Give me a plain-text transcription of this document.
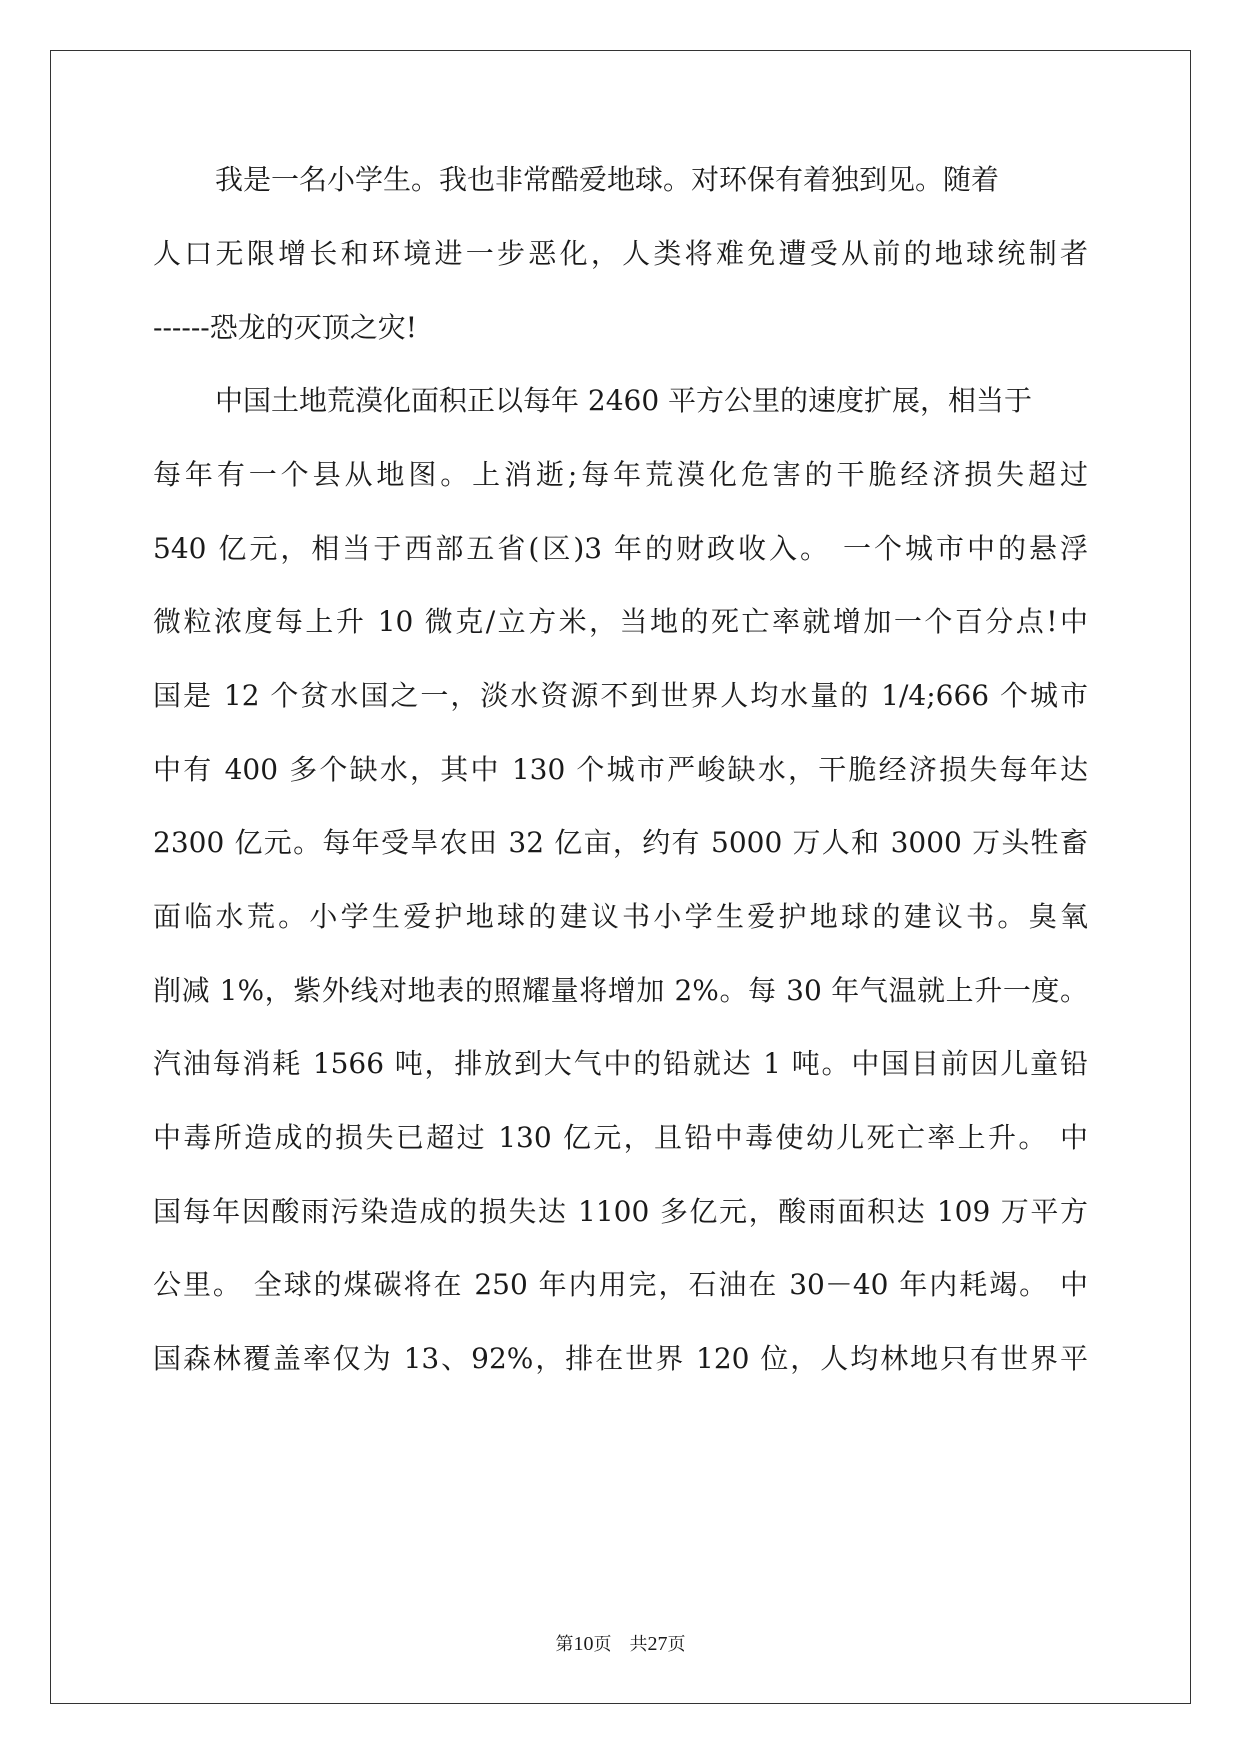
我是一名小学生。我也非常酷爱地球。对环保有着独到见。随着
人口无限增长和环境进一步恶化，人类将难免遭受从前的地球统制者
------恐龙的灭顶之灾!
中国土地荒漠化面积正以每年 2460 平方公里的速度扩展，相当于
每年有一个县从地图。上消逝;每年荒漠化危害的干脆经济损失超过
540 亿元，相当于西部五省(区)3 年的财政收入。 一个城市中的悬浮
微粒浓度每上升 10 微克/立方米，当地的死亡率就增加一个百分点!中
国是 12 个贫水国之一，淡水资源不到世界人均水量的 1/4;666 个城市
中有 400 多个缺水，其中 130 个城市严峻缺水，干脆经济损失每年达
2300 亿元。每年受旱农田 32 亿亩，约有 5000 万人和 3000 万头牲畜
面临水荒。小学生爱护地球的建议书小学生爱护地球的建议书。臭氧
削减 1%，紫外线对地表的照耀量将增加 2%。每 30 年气温就上升一度。
汽油每消耗 1566 吨，排放到大气中的铅就达 1 吨。中国目前因儿童铅
中毒所造成的损失已超过 130 亿元，且铅中毒使幼儿死亡率上升。 中
国每年因酸雨污染造成的损失达 1100 多亿元，酸雨面积达 109 万平方
公里。 全球的煤碳将在 250 年内用完，石油在 30－40 年内耗竭。 中
国森林覆盖率仅为 13、92%，排在世界 120 位，人均林地只有世界平
第10页　共27页
